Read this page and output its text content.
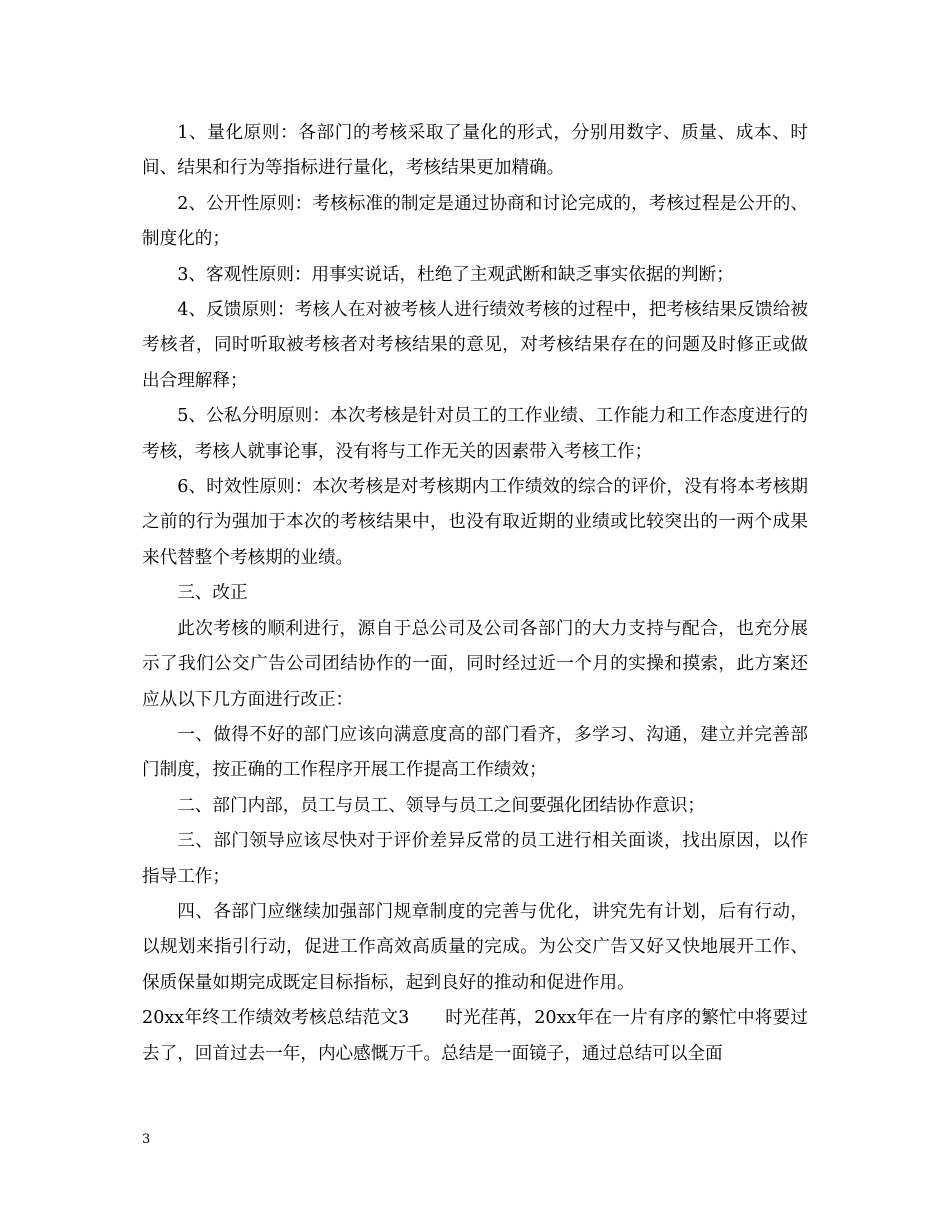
1、量化原则：各部门的考核采取了量化的形式，分别用数字、质量、成本、时间、结果和行为等指标进行量化，考核结果更加精确。

2、公开性原则：考核标准的制定是通过协商和讨论完成的，考核过程是公开的、制度化的；

3、客观性原则：用事实说话，杜绝了主观武断和缺乏事实依据的判断；

4、反馈原则：考核人在对被考核人进行绩效考核的过程中，把考核结果反馈给被考核者，同时听取被考核者对考核结果的意见，对考核结果存在的问题及时修正或做出合理解释；

5、公私分明原则：本次考核是针对员工的工作业绩、工作能力和工作态度进行的考核，考核人就事论事，没有将与工作无关的因素带入考核工作；

6、时效性原则：本次考核是对考核期内工作绩效的综合的评价，没有将本考核期之前的行为强加于本次的考核结果中，也没有取近期的业绩或比较突出的一两个成果来代替整个考核期的业绩。

三、改正

此次考核的顺利进行，源自于总公司及公司各部门的大力支持与配合，也充分展示了我们公交广告公司团结协作的一面，同时经过近一个月的实操和摸索，此方案还应从以下几方面进行改正：

一、做得不好的部门应该向满意度高的部门看齐，多学习、沟通，建立并完善部门制度，按正确的工作程序开展工作提高工作绩效；

二、部门内部，员工与员工、领导与员工之间要强化团结协作意识；

三、部门领导应该尽快对于评价差异反常的员工进行相关面谈，找出原因，以作指导工作；

四、各部门应继续加强部门规章制度的完善与优化，讲究先有计划，后有行动，以规划来指引行动，促进工作高效高质量的完成。为公交广告又好又快地展开工作、保质保量如期完成既定目标指标，起到良好的推动和促进作用。

20xx年终工作绩效考核总结范文3　　时光荏苒，20xx年在一片有序的繁忙中将要过去了，回首过去一年，内心感慨万千。总结是一面镜子，通过总结可以全面

3
